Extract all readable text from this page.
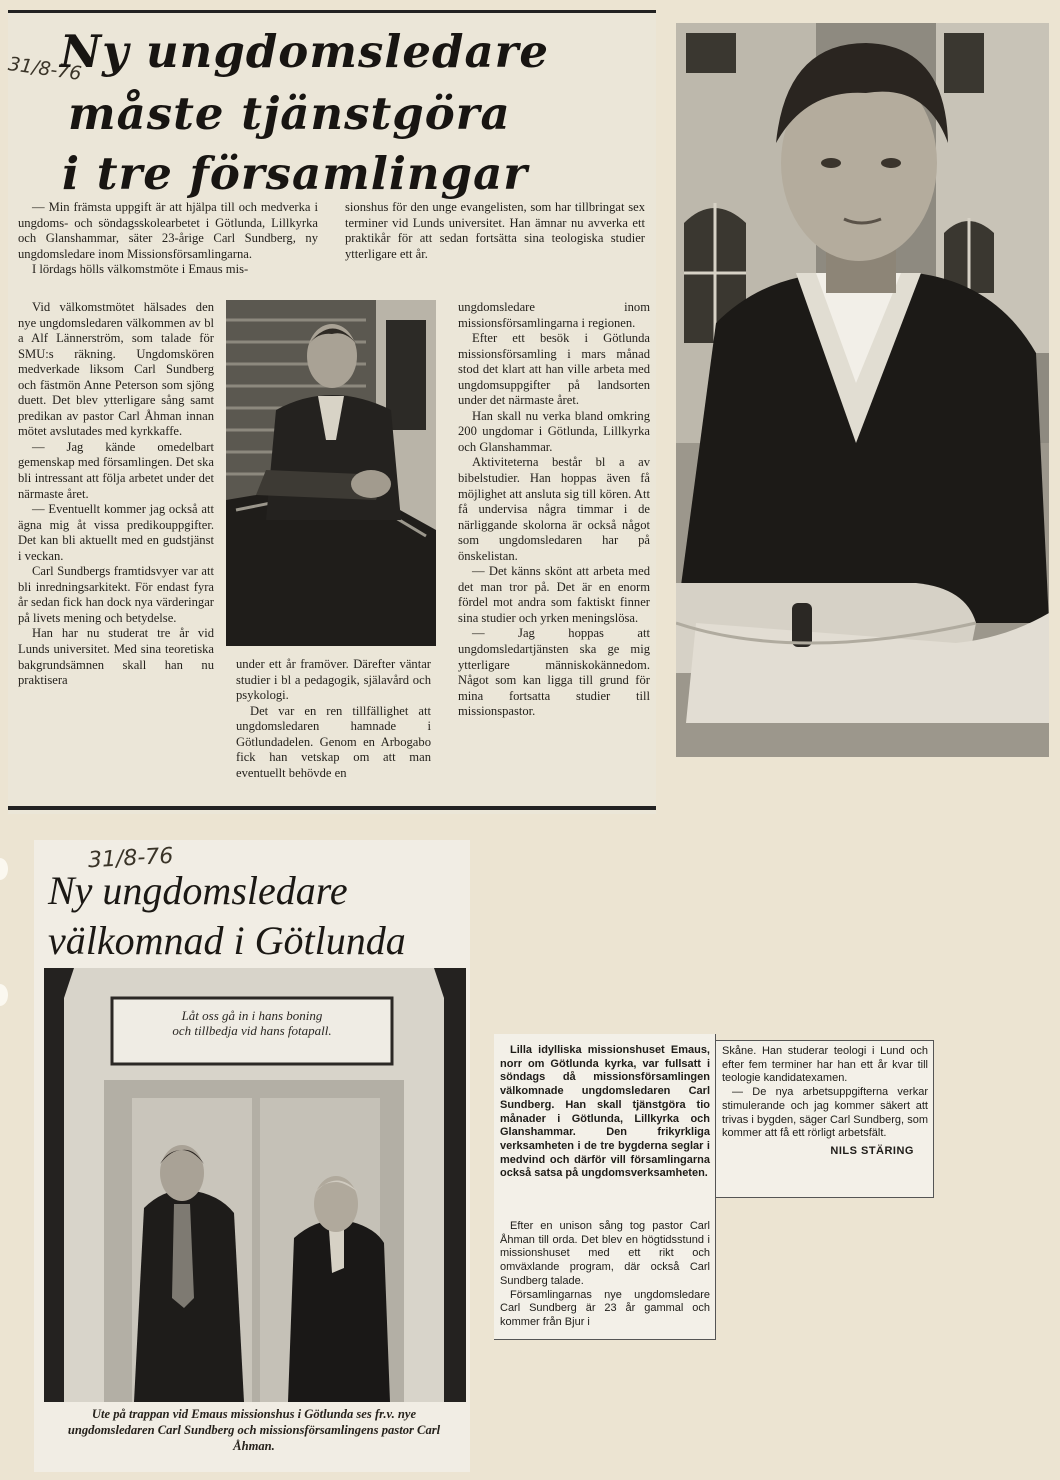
31/8-76
Ny ungdomsledare
måste tjänstgöra
i tre församlingar

— Min främsta uppgift är att hjälpa till och medverka i ungdoms- och söndagsskolearbetet i Götlunda, Lillkyrka och Glanshammar, säter 23-årige Carl Sundberg, ny ungdomsledare inom Missionsförsamlingarna.

I lördags hölls välkomstmöte i Emaus mis-

sionshus för den unge evangelisten, som har tillbringat sex terminer vid Lunds universitet. Han ämnar nu avverka ett praktikår för att sedan fortsätta sina teologiska studier ytterligare ett år.

Vid välkomstmötet hälsades den nye ungdomsledaren välkommen av bl a Alf Lännerström, som talade för SMU:s räkning. Ungdomskören medverkade liksom Carl Sundberg och fästmön Anne Peterson som sjöng duett. Det blev ytterligare sång samt predikan av pastor Carl Åhman innan mötet avslutades med kyrkkaffe.

— Jag kände omedelbart gemenskap med församlingen. Det ska bli intressant att följa arbetet under det närmaste året.

— Eventuellt kommer jag också att ägna mig åt vissa predikouppgifter. Det kan bli aktuellt med en gudstjänst i veckan.

Carl Sundbergs framtidsvyer var att bli inredningsarkitekt. För endast fyra år sedan fick han dock nya värderingar på livets mening och betydelse.

Han har nu studerat tre år vid Lunds universitet. Med sina teoretiska bakgrundsämnen skall han nu praktisera

under ett år framöver. Därefter väntar studier i bl a pedagogik, själavård och psykologi.

Det var en ren tillfällighet att ungdomsledaren hamnade i Götlundadelen. Genom en Arbogabo fick han vetskap om att man eventuellt behövde en

ungdomsledare inom missionsförsamlingarna i regionen.

Efter ett besök i Götlunda missionsförsamling i mars månad stod det klart att han ville arbeta med ungdomsuppgifter på landsorten under det närmaste året.

Han skall nu verka bland omkring 200 ungdomar i Götlunda, Lillkyrka och Glanshammar.

Aktiviteterna består bl a av bibelstudier. Han hoppas även få möjlighet att ansluta sig till kören. Att få undervisa några timmar i de närliggande skolorna är också något som ungdomsledaren har på önskelistan.

— Det känns skönt att arbeta med det man tror på. Det är en enorm fördel mot andra som faktiskt finner sina studier och yrken meningslösa.

— Jag hoppas att ungdomsledartjänsten ska ge mig ytterligare människokännedom. Något som kan ligga till grund för mina fortsatta studier till missionspastor.

31/8-76
Ny ungdomsledare
välkomnad i Götlunda
Låt oss gå in i hans boning
och tillbedja vid hans fotapall.
Ute på trappan vid Emaus missionshus i Götlunda ses fr.v. nye ungdomsledaren Carl Sundberg och missionsförsamlingens pastor Carl Åhman.

Lilla idylliska missionshuset Emaus, norr om Götlunda kyrka, var fullsatt i söndags då missionsförsamlingen välkomnade ungdomsledaren Carl Sundberg. Han skall tjänstgöra tio månader i Götlunda, Lillkyrka och Glanshammar. Den frikyrkliga verksamheten i de tre bygderna seglar i medvind och därför vill församlingarna också satsa på ungdomsverksamheten.

Efter en unison sång tog pastor Carl Åhman till orda. Det blev en högtidsstund i missionshuset med ett rikt och omväxlande program, där också Carl Sundberg talade.

Församlingarnas nye ungdomsledare Carl Sundberg är 23 år gammal och kommer från Bjur i

Skåne. Han studerar teologi i Lund och efter fem terminer har han ett år kvar till teologie kandidatexamen.

— De nya arbetsuppgifterna verkar stimulerande och jag kommer säkert att trivas i bygden, säger Carl Sundberg, som kommer att få ett rörligt arbetsfält.

NILS STÄRING
